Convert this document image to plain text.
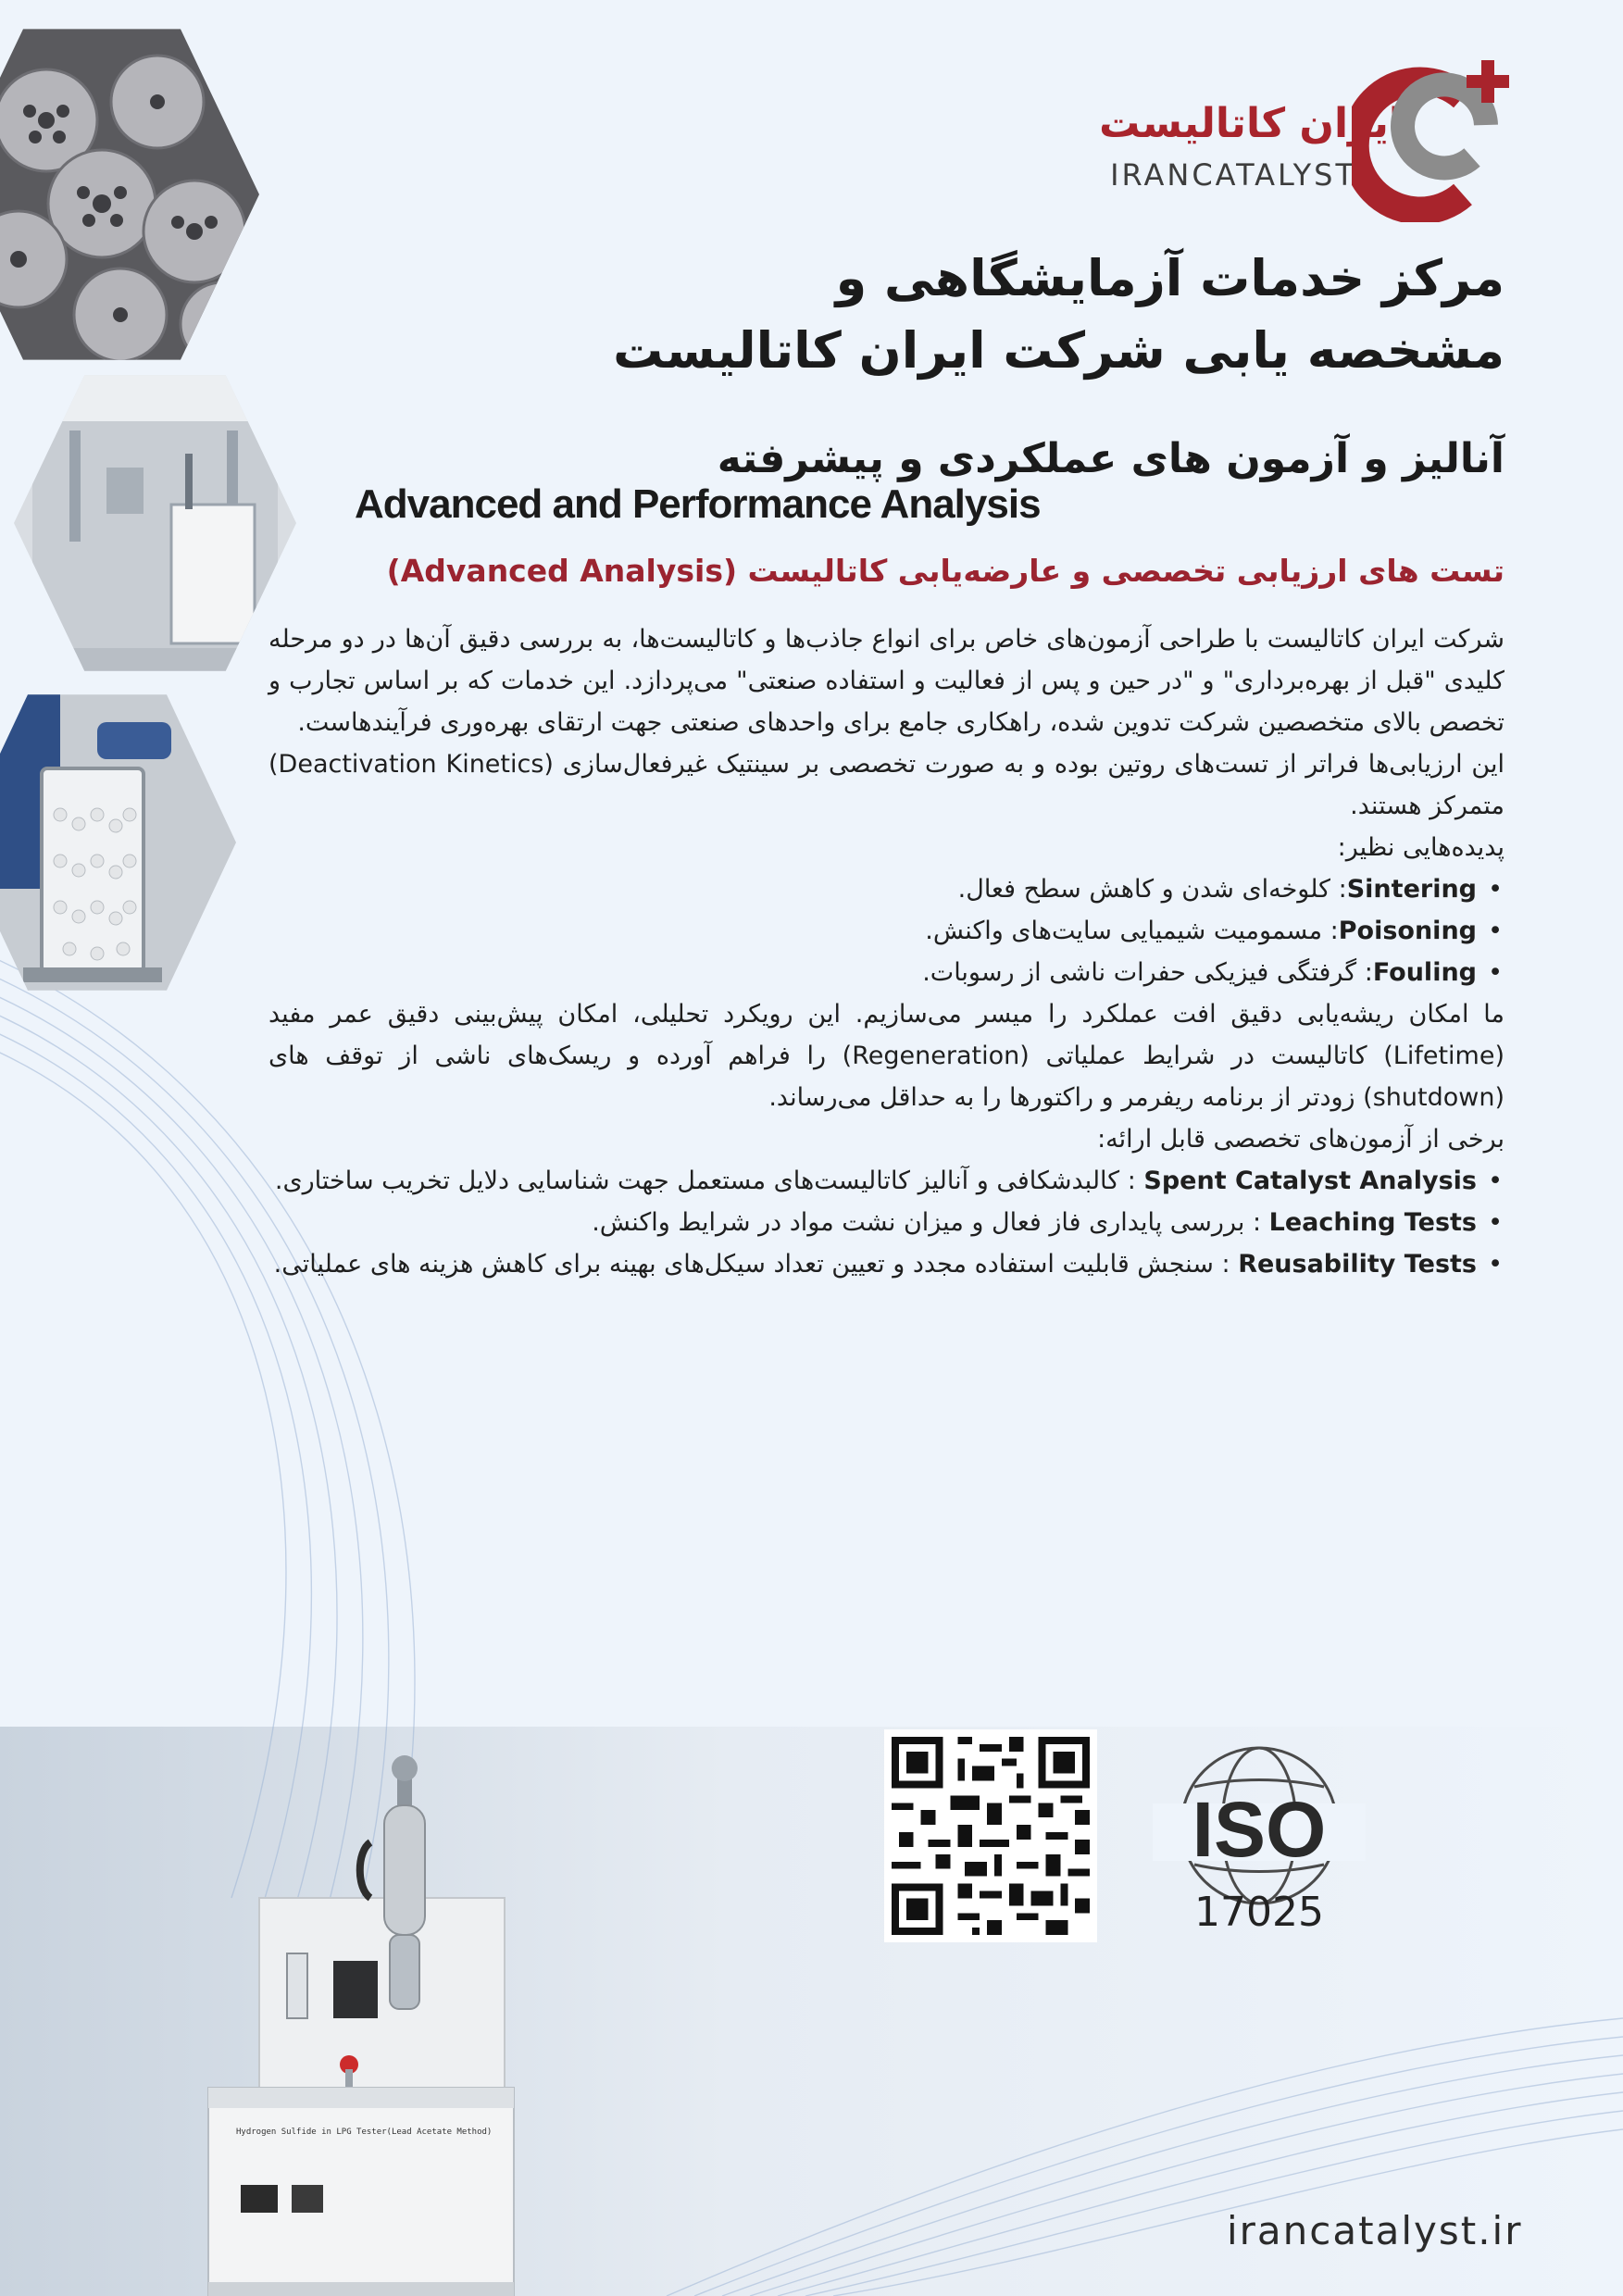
ایران کاتالیست
IRANCATALYST
مرکز خدمات آزمایشگاهی و
مشخصه یابی شرکت ایران کاتالیست
آنالیز و آزمون های عملکردی و پیشرفته
Advanced and Performance Analysis
تست های ارزیابی تخصصی و عارضه‌یابی کاتالیست (Advanced Analysis)

شرکت ایران کاتالیست با طراحی آزمون‌های خاص برای انواع جاذب‌ها و کاتالیست‌ها، به بررسی دقیق آن‌ها در دو مرحله کلیدی "قبل از بهره‌برداری" و "در حین و پس از فعالیت و استفاده صنعتی" می‌پردازد. این خدمات که بر اساس تجارب و تخصص بالای متخصصین شرکت تدوین شده، راهکاری جامع برای واحدهای صنعتی جهت ارتقای بهره‌وری فرآیندهاست.

این ارزیابی‌ها فراتر از تست‌های روتین بوده و به صورت تخصصی بر سینتیک غیرفعال‌سازی (Deactivation Kinetics) متمرکز هستند.

پدیده‌هایی نظیر:

• Sintering: کلوخه‌ای شدن و کاهش سطح فعال.
• Poisoning: مسمومیت شیمیایی سایت‌های واکنش.
• Fouling: گرفتگی فیزیکی حفرات ناشی از رسوبات.

ما امکان ریشه‌یابی دقیق افت عملکرد را میسر می‌سازیم. این رویکرد تحلیلی، امکان پیش‌بینی دقیق عمر مفید (Lifetime) کاتالیست در شرایط عملیاتی (Regeneration) را فراهم آورده و ریسک‌های ناشی از توقف های (shutdown) زودتر از برنامه ریفرمر و راکتورها را به حداقل می‌رساند.

برخی از آزمون‌های تخصصی قابل ارائه:

• Spent Catalyst Analysis : کالبدشکافی و آنالیز کاتالیست‌های مستعمل جهت شناسایی دلایل تخریب ساختاری.
• Leaching Tests : بررسی پایداری فاز فعال و میزان نشت مواد در شرایط واکنش.
• Reusability Tests : سنجش قابلیت استفاده مجدد و تعیین تعداد سیکل‌های بهینه برای کاهش هزینه های عملیاتی.
Hydrogen Sulfide in LPG Tester(Lead Acetate Method)
ISO
17025
irancatalyst.ir
